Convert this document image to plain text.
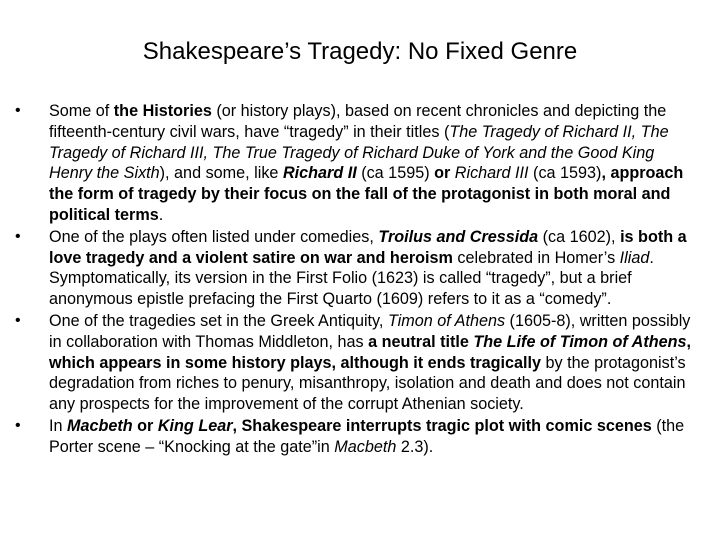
Shakespeare’s Tragedy: No Fixed Genre
• Some of the Histories (or history plays), based on recent chronicles and depicting the fifteenth-century civil wars, have “tragedy” in their titles (The Tragedy of Richard II, The Tragedy of Richard III, The True Tragedy of Richard Duke of York and the Good King Henry the Sixth), and some, like Richard II (ca 1595) or Richard III (ca 1593), approach the form of tragedy by their focus on the fall of the protagonist in both moral and political terms.
• One of the plays often listed under comedies, Troilus and Cressida (ca 1602), is both a love tragedy and a violent satire on war and heroism celebrated in Homer’s Iliad. Symptomatically, its version in the First Folio (1623) is called “tragedy”, but a brief anonymous epistle prefacing the First Quarto (1609) refers to it as a “comedy”.
• One of the tragedies set in the Greek Antiquity, Timon of Athens (1605-8), written possibly in collaboration with Thomas Middleton, has a neutral title The Life of Timon of Athens, which appears in some history plays, although it ends tragically by the protagonist’s degradation from riches to penury, misanthropy, isolation and death and does not contain any prospects for the improvement of the corrupt Athenian society.
• In Macbeth or King Lear, Shakespeare interrupts tragic plot with comic scenes (the Porter scene – “Knocking at the gate”in Macbeth 2.3).
